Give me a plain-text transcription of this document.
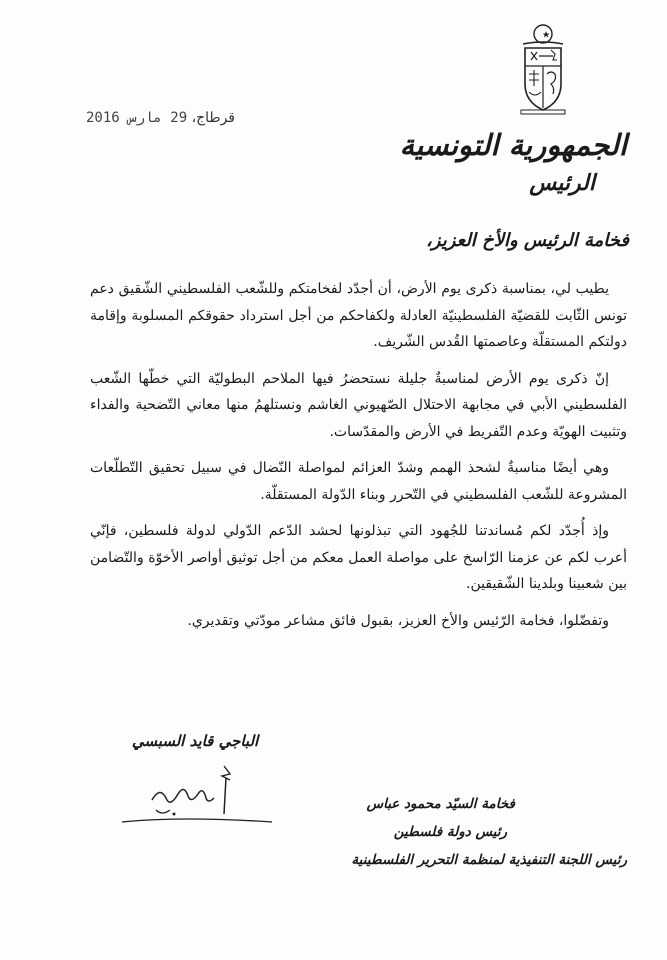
قرطاج، 29 مارس 2016
الجمهورية التونسية
الرئيس
فخامة الرئيس والأخ العزيز،

يطيب لي، بمناسبة ذكرى يوم الأرض، أن أجدّد لفخامتكم وللشّعب الفلسطيني الشّقيق دعم تونس الثّابت للقضيّة الفلسطينيّة العادلة ولكفاحكم من أجل استرداد حقوقكم المسلوبة وإقامة دولتكم المستقلّة وعاصمتها القُدس الشّريف.

إنّ ذكرى يوم الأرض لمناسبةٌ جليلة نستحضرُ فيها الملاحم البطوليّة التي خطّها الشّعب الفلسطيني الأبي في مجابهة الاحتلال الصّهيوني الغاشم ونستلهمُ منها معاني التّضحية والفداء وتثبيت الهويّة وعدم التّفريط في الأرض والمقدّسات.

وهي أيضًا مناسبةٌ لشحذ الهمم وشدّ العزائم لمواصلة النّضال في سبيل تحقيق التّطلّعات المشروعة للشّعب الفلسطيني في التّحرر وبناء الدّولة المستقلّة.

وإذ أُجدّد لكم مُساندتنا للجُهود التي تبذلونها لحشد الدّعم الدّولي لدولة فلسطين، فإنّي أعرب لكم عن عزمنا الرّاسخ على مواصلة العمل معكم من أجل توثيق أواصر الأخوّة والتّضامن بين شعبينا وبلدينا الشّقيقين.

وتفضّلوا، فخامة الرّئيس والأخ العزيز، بقبول فائق مشاعر مودّتي وتقديري.

الباجي قايد السبسي
فخامة السيّد محمود عباس
رئيس دولة فلسطين
رئيس اللجنة التنفيذية لمنظمة التحرير الفلسطينية
